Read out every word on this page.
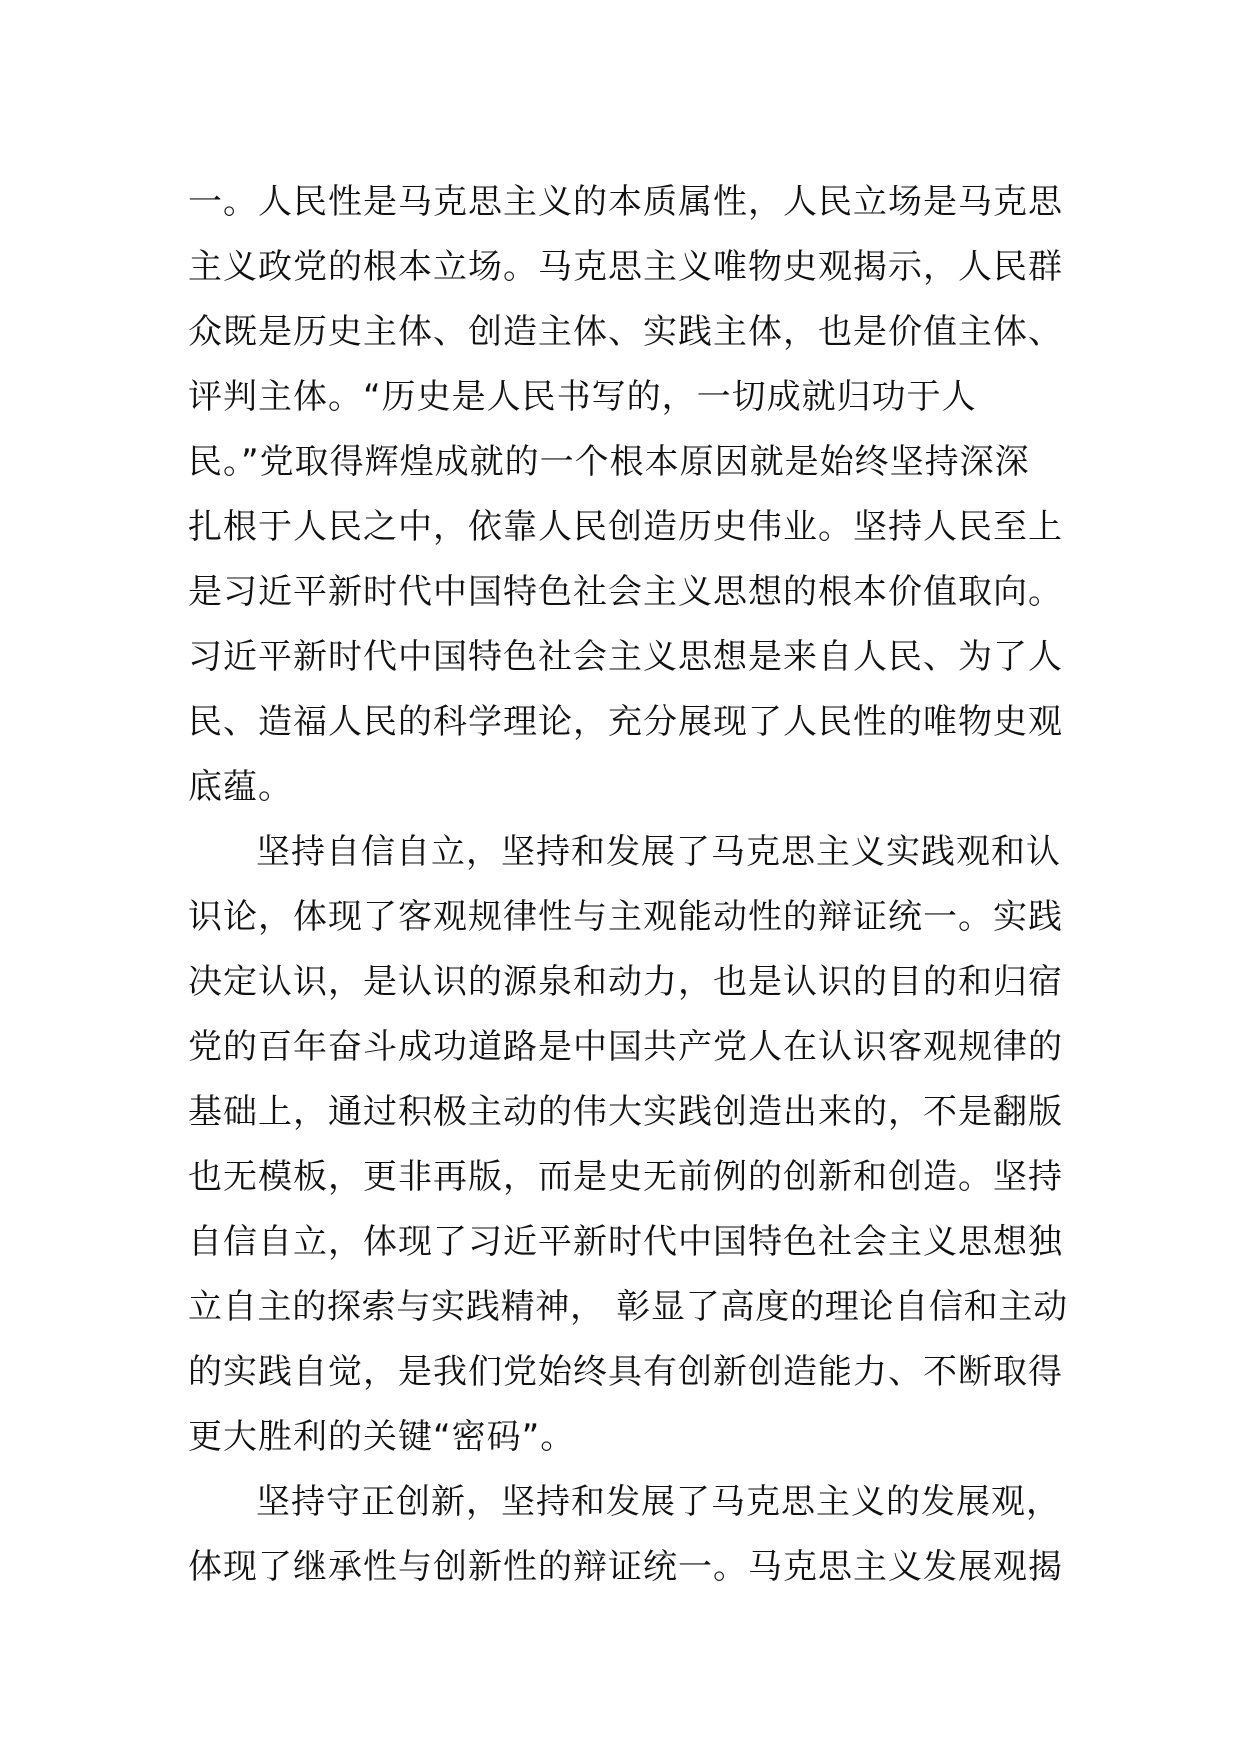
一。人民性是马克思主义的本质属性，人民立场是马克思
主义政党的根本立场。马克思主义唯物史观揭示，人民群
众既是历史主体、创造主体、实践主体，也是价值主体、
评判主体。“历史是人民书写的，一切成就归功于人
民。”党取得辉煌成就的一个根本原因就是始终坚持深深
扎根于人民之中，依靠人民创造历史伟业。坚持人民至上
是习近平新时代中国特色社会主义思想的根本价值取向。
习近平新时代中国特色社会主义思想是来自人民、为了人
民、造福人民的科学理论，充分展现了人民性的唯物史观
底蕴。
坚持自信自立，坚持和发展了马克思主义实践观和认
识论，体现了客观规律性与主观能动性的辩证统一。实践
决定认识，是认识的源泉和动力，也是认识的目的和归宿
党的百年奋斗成功道路是中国共产党人在认识客观规律的
基础上，通过积极主动的伟大实践创造出来的，不是翻版
也无模板，更非再版，而是史无前例的创新和创造。坚持
自信自立，体现了习近平新时代中国特色社会主义思想独
立自主的探索与实践精神， 彰显了高度的理论自信和主动
的实践自觉，是我们党始终具有创新创造能力、不断取得
更大胜利的关键“密码”。
坚持守正创新，坚持和发展了马克思主义的发展观，
体现了继承性与创新性的辩证统一。马克思主义发展观揭
